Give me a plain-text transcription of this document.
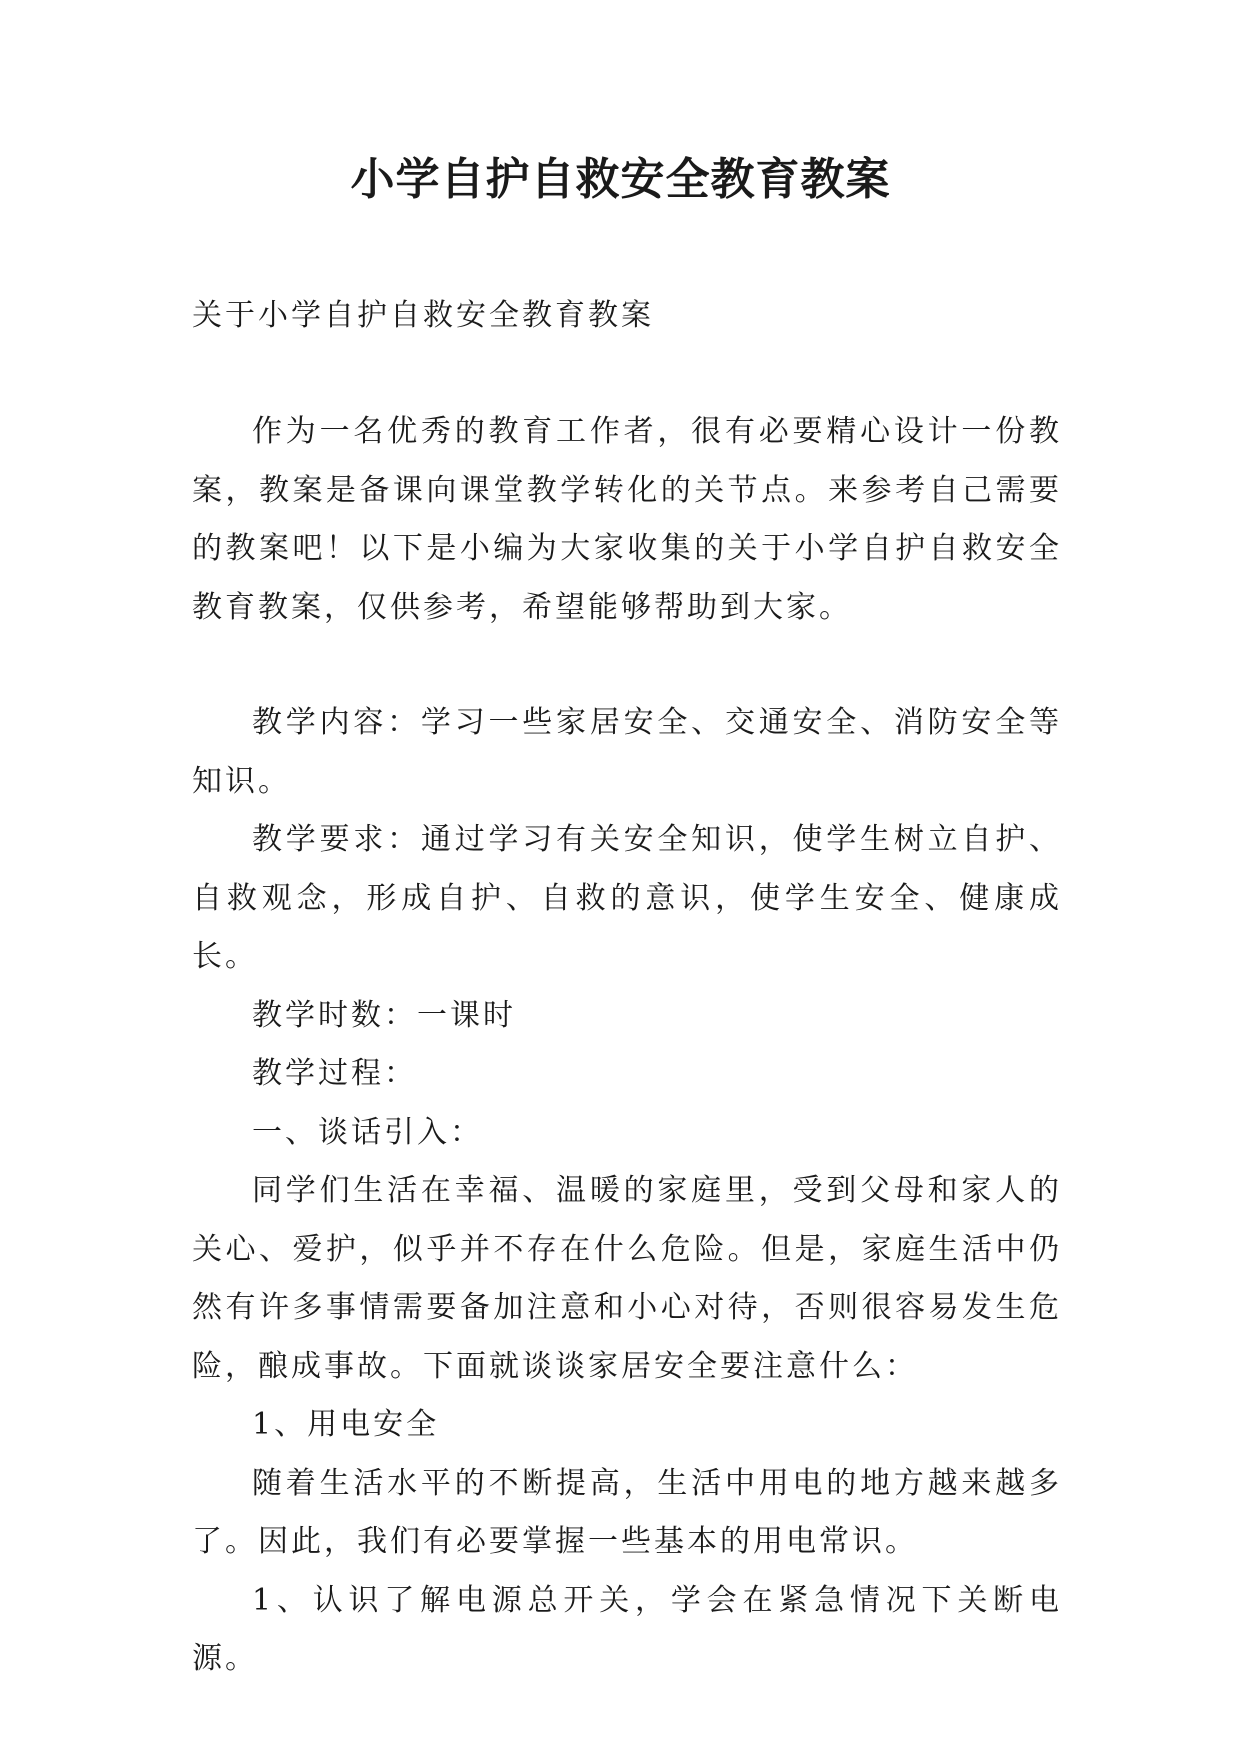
小学自护自救安全教育教案
关于小学自护自救安全教育教案

作为一名优秀的教育工作者，很有必要精心设计一份教案，教案是备课向课堂教学转化的关节点。来参考自己需要的教案吧！以下是小编为大家收集的关于小学自护自救安全教育教案，仅供参考，希望能够帮助到大家。

教学内容：学习一些家居安全、交通安全、消防安全等知识。

教学要求：通过学习有关安全知识，使学生树立自护、自救观念，形成自护、自救的意识，使学生安全、健康成长。

教学时数：一课时

教学过程：

一、谈话引入：

同学们生活在幸福、温暖的家庭里，受到父母和家人的关心、爱护，似乎并不存在什么危险。但是，家庭生活中仍然有许多事情需要备加注意和小心对待，否则很容易发生危险，酿成事故。下面就谈谈家居安全要注意什么：

1、用电安全

随着生活水平的不断提高，生活中用电的地方越来越多了。因此，我们有必要掌握一些基本的用电常识。

1、认识了解电源总开关，学会在紧急情况下关断电源。
